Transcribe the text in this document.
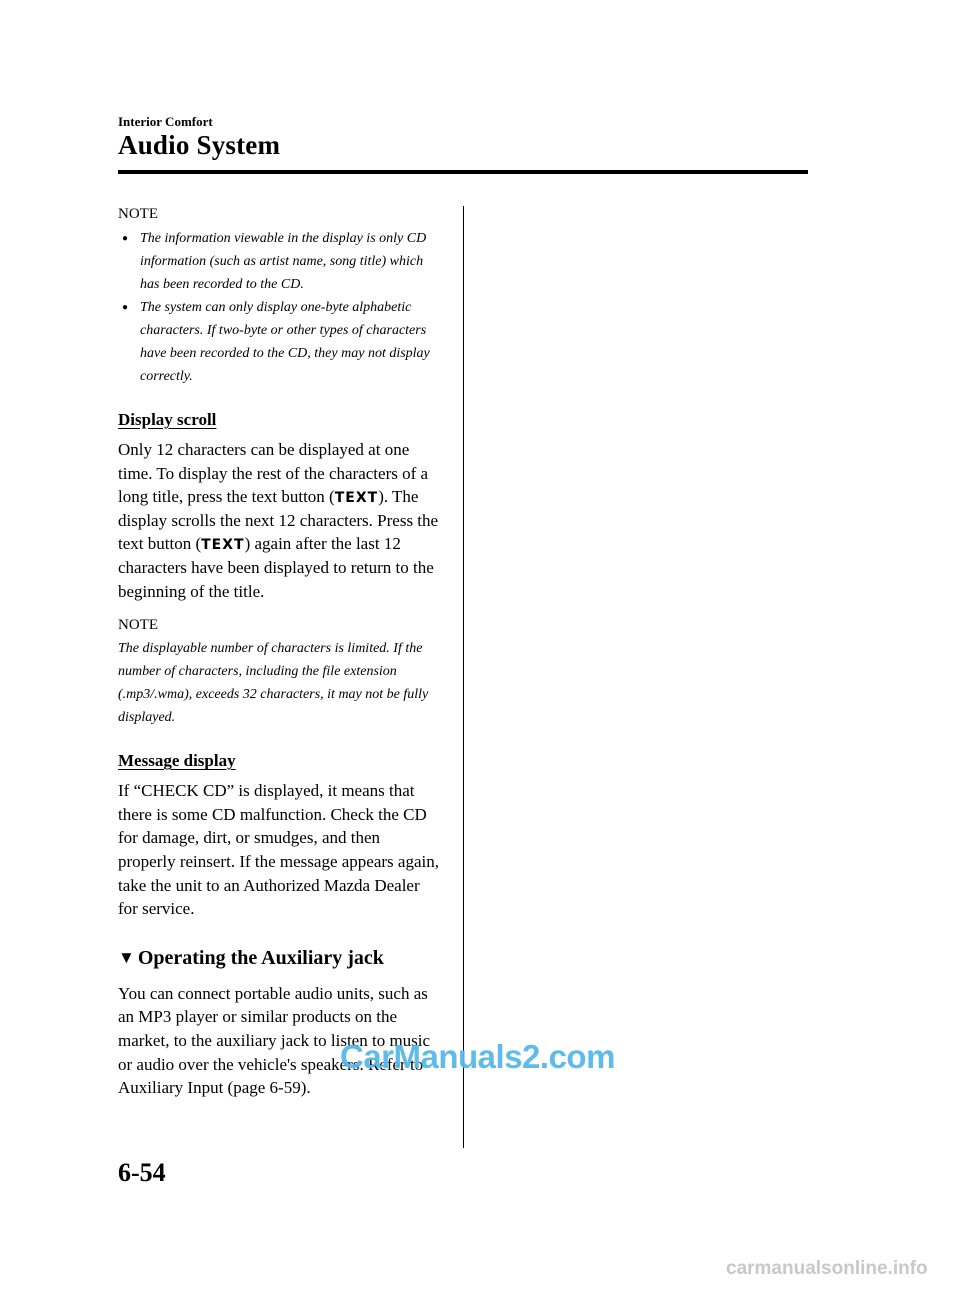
Interior Comfort
Audio System
NOTE
● The information viewable in the display is only CD information (such as artist name, song title) which has been recorded to the CD.
● The system can only display one-byte alphabetic characters. If two-byte or other types of characters have been recorded to the CD, they may not display correctly.
Display scroll

Only 12 characters can be displayed at one time. To display the rest of the characters of a long title, press the text button (TEXT). The display scrolls the next 12 characters. Press the text button (TEXT) again after the last 12 characters have been displayed to return to the beginning of the title.

NOTE

The displayable number of characters is limited. If the number of characters, including the file extension (.mp3/.wma), exceeds 32 characters, it may not be fully displayed.

Message display

If “CHECK CD” is displayed, it means that there is some CD malfunction. Check the CD for damage, dirt, or smudges, and then properly reinsert. If the message appears again, take the unit to an Authorized Mazda Dealer for service.

▼ Operating the Auxiliary jack

You can connect portable audio units, such as an MP3 player or similar products on the market, to the auxiliary jack to listen to music or audio over the vehicle's speakers. Refer to Auxiliary Input (page 6-59).

6-54
CarManuals2.com
carmanualsonline.info
